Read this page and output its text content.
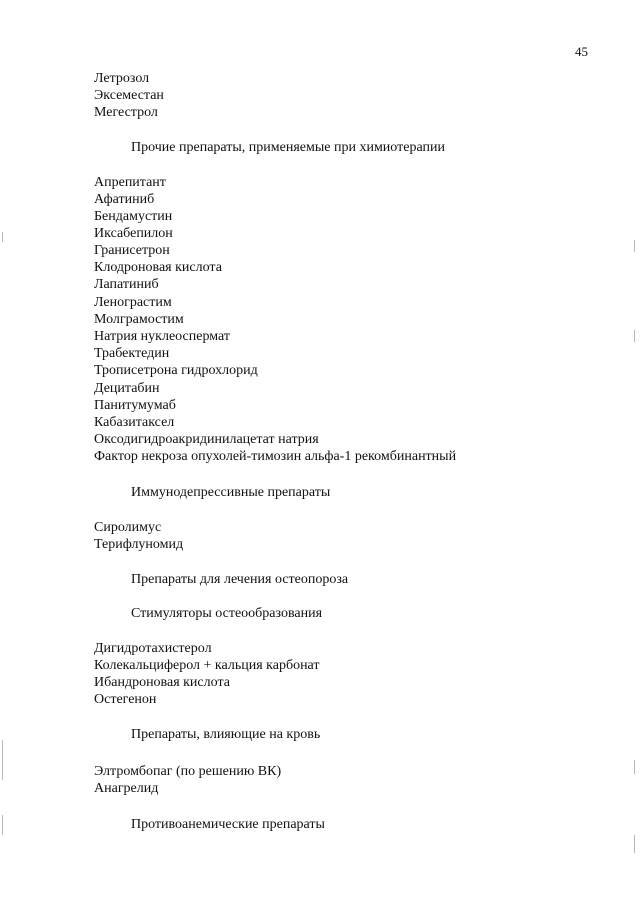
45
Летрозол
Эксеместан
Мегестрол
Прочие препараты, применяемые при химиотерапии
Апрепитант
Афатиниб
Бендамустин
Иксабепилон
Гранисетрон
Клодроновая кислота
Лапатиниб
Ленограстим
Молграмостим
Натрия нуклеоспермат
Трабектедин
Трописетрона гидрохлорид
Децитабин
Панитумумаб
Кабазитаксел
Оксодигидроакридинилацетат натрия
Фактор некроза опухолей-тимозин альфа-1 рекомбинантный
Иммунодепрессивные препараты
Сиролимус
Терифлуномид
Препараты для лечения остеопороза
Стимуляторы остеообразования
Дигидротахистерол
Колекальциферол + кальция карбонат
Ибандроновая кислота
Остегенон
Препараты, влияющие на кровь
Элтромбопаг (по решению ВК)
Анагрелид
Противоанемические препараты
